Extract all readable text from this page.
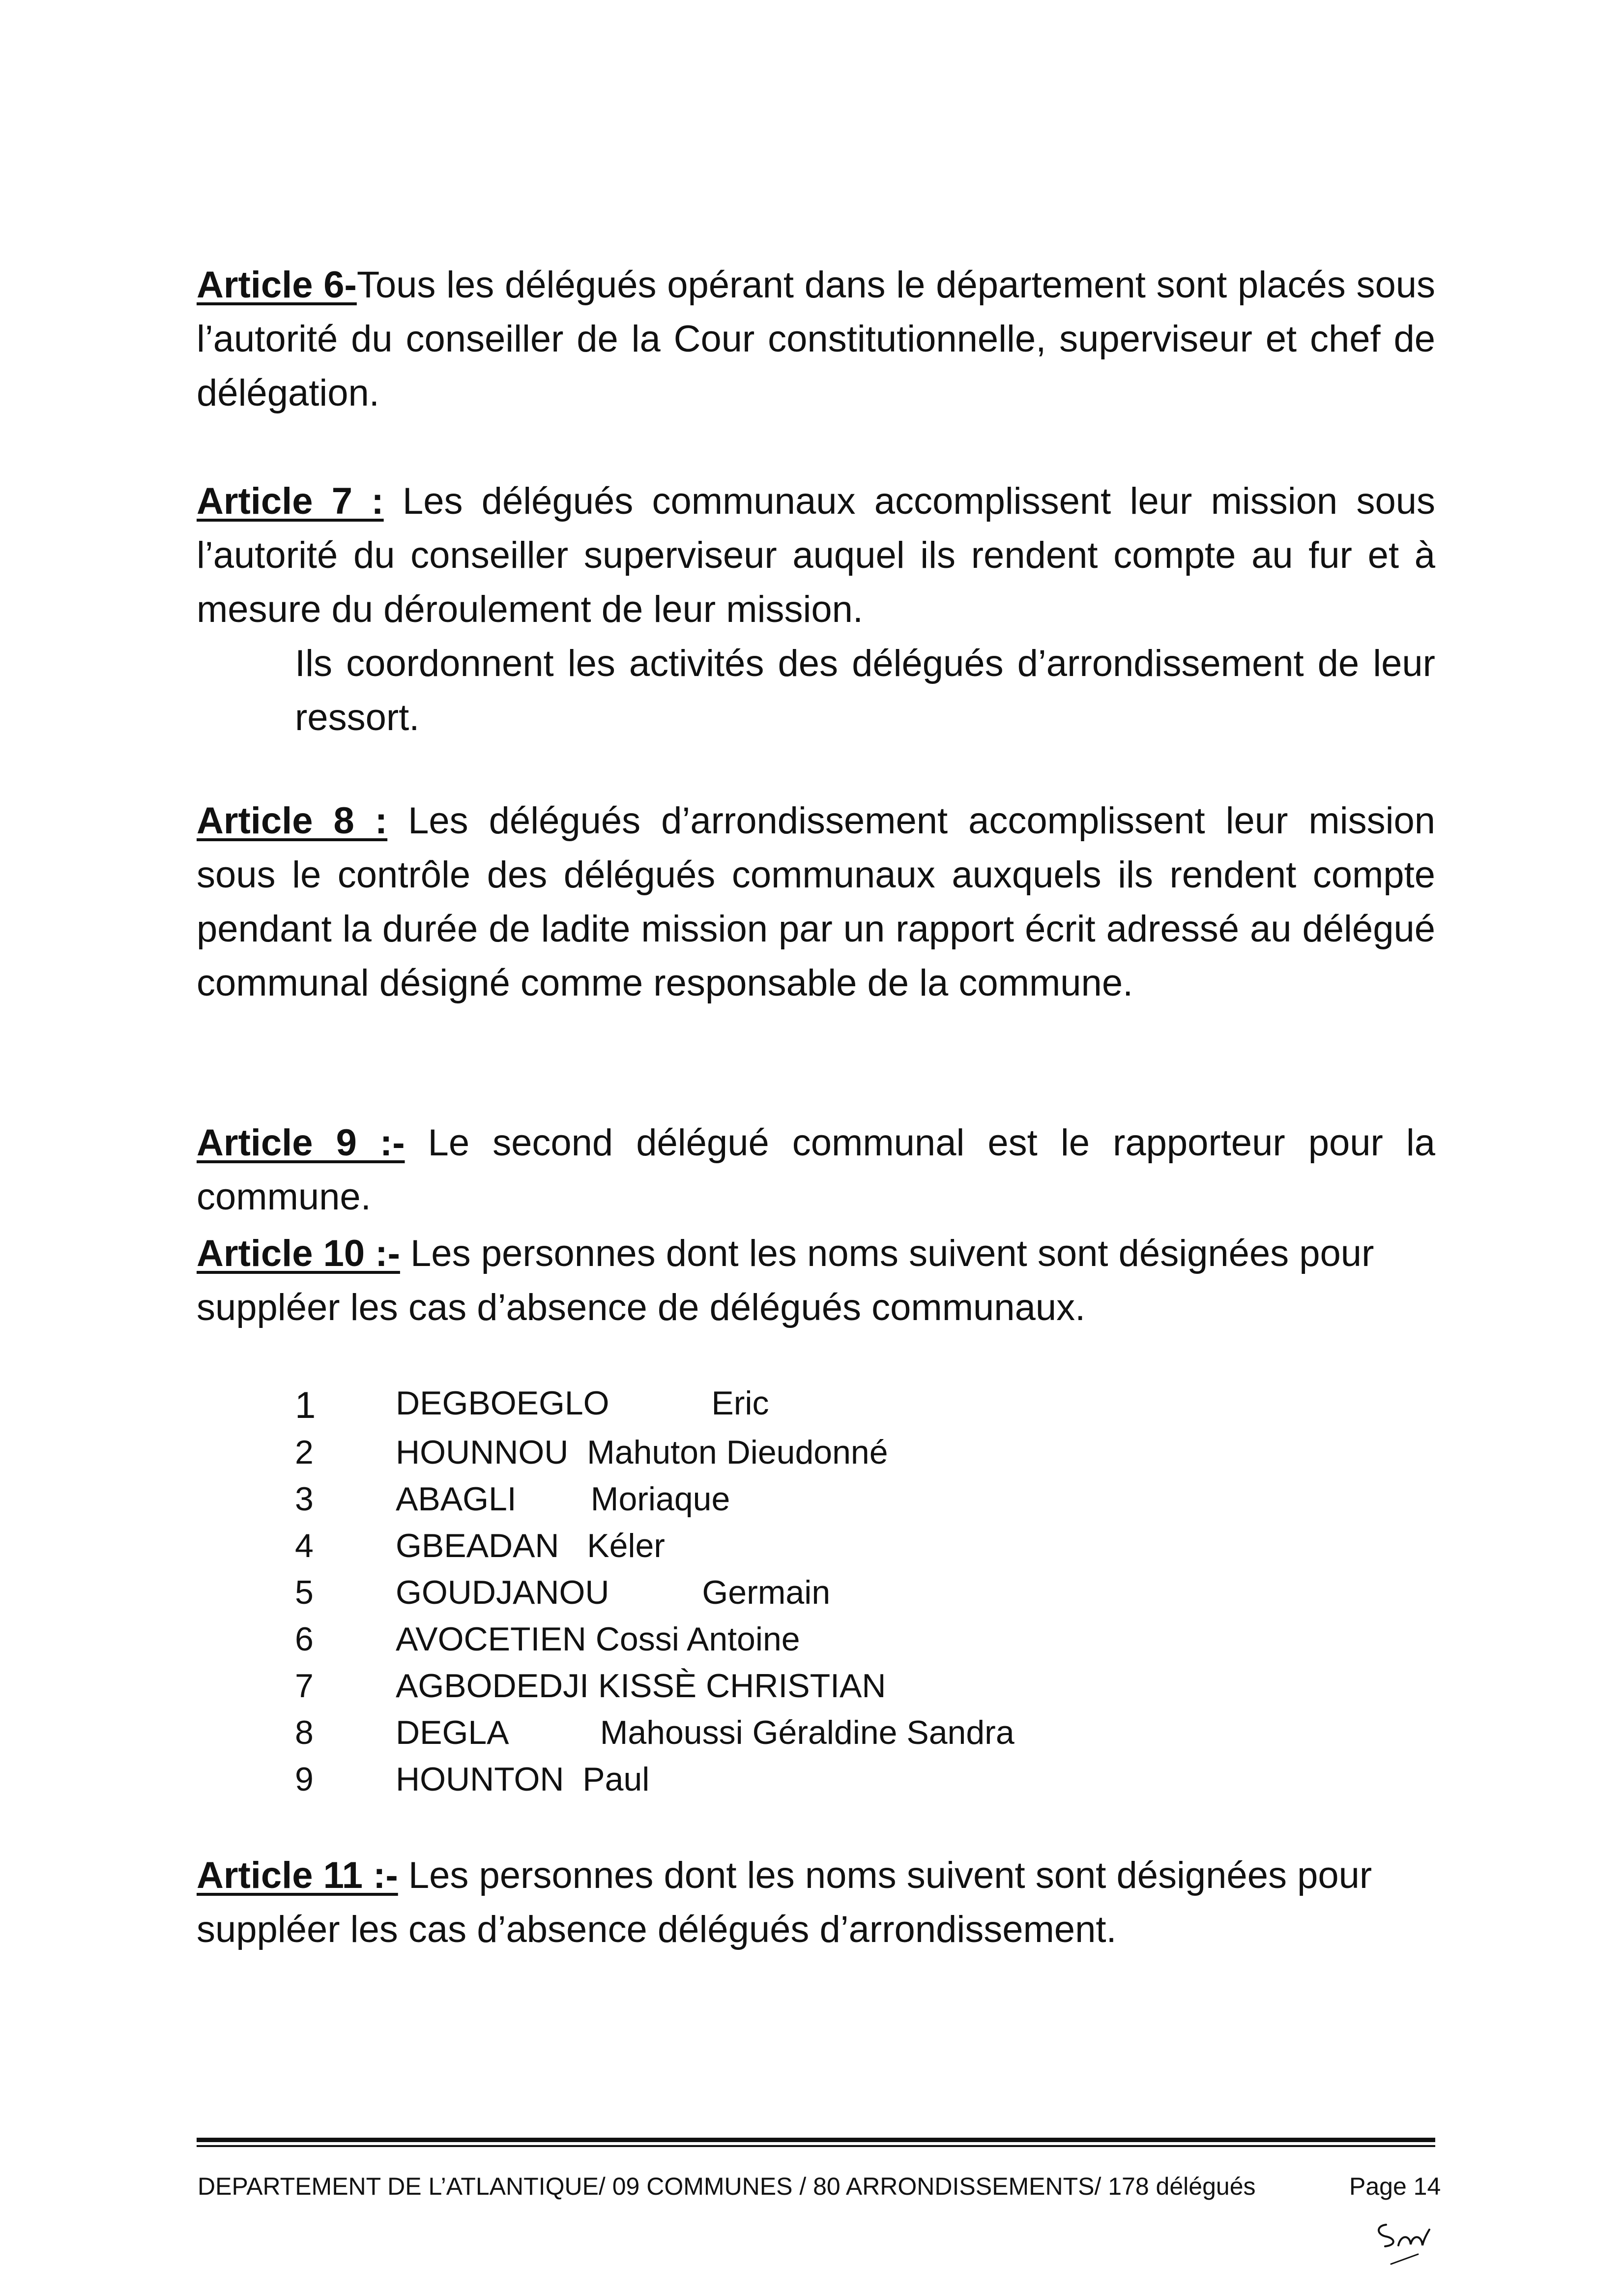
Article 6-Tous les délégués opérant dans le département sont placés sous l’autorité du conseiller de la Cour constitutionnelle, superviseur et chef de délégation.
Article 7 : Les délégués communaux accomplissent leur mission sous l’autorité du conseiller superviseur auquel ils rendent compte au fur et à mesure du déroulement de leur mission.
Ils coordonnent les activités des délégués d’arrondissement de leur ressort.
Article 8 : Les délégués d’arrondissement accomplissent leur mission sous le contrôle des délégués communaux auxquels ils rendent compte pendant la durée de ladite mission par un rapport écrit adressé au délégué communal désigné comme responsable de la commune.
Article 9 :- Le second délégué communal est le rapporteur pour la commune.
Article 10 :- Les personnes dont les noms suivent sont désignées pour suppléer les cas d’absence de délégués communaux.
1 DEGBOEGLO           Eric
2	HOUNNOU  Mahuton Dieudonné
3	ABAGLI        Moriaque
4	GBEADAN   Kéler
5	GOUDJANOU          Germain
6	AVOCETIEN Cossi Antoine
7	AGBODEDJI KISSÈ CHRISTIAN
8	DEGLA          Mahoussi Géraldine Sandra
9	HOUNTON  Paul
Article 11 :- Les personnes dont les noms suivent sont désignées pour suppléer les cas d’absence délégués d’arrondissement.
DEPARTEMENT DE L’ATLANTIQUE/ 09 COMMUNES / 80 ARRONDISSEMENTS/ 178 délégués	Page 14
